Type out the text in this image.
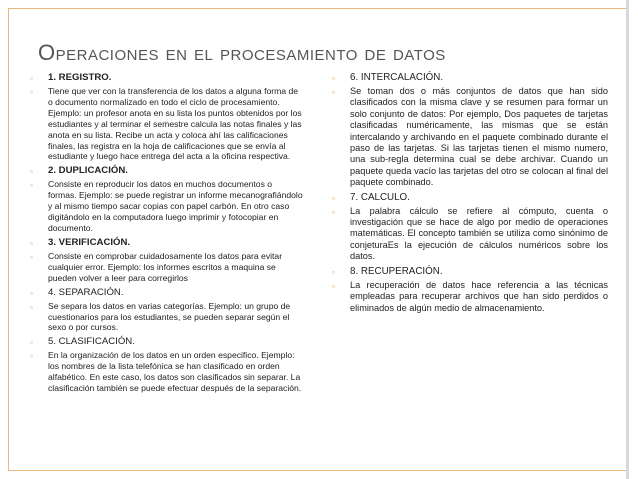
Operaciones en el procesamiento de datos
▫ 1. REGISTRO.
▫ Tiene que ver con la transferencia de los datos a alguna forma de o documento normalizado en todo el ciclo de procesamiento. Ejemplo: un profesor anota en su lista los puntos obtenidos por los estudiantes y al terminar el semestre calcula las notas finales y las anota en su lista. Recibe un acta y coloca ahí las calificaciones finales, las registra en la hoja de calificaciones que se envía al estudiante y luego hace entrega del acta a la oficina respectiva.
▫ 2. DUPLICACIÓN.
▫ Consiste en reproducir los datos en muchos documentos o formas. Ejemplo: se puede registrar un informe mecanografiándolo y al mismo tiempo sacar copias con papel carbón. En otro caso digitándolo en la computadora luego imprimir y fotocopiar en documento.
▫ 3. VERIFICACIÓN.
▫ Consiste en comprobar cuidadosamente los datos para evitar cualquier error. Ejemplo: los informes escritos a maquina se pueden volver a leer para corregirlos
▫ 4. SEPARACIÓN.
▫ Se separa los datos en varias categorías. Ejemplo: un grupo de cuestionarios para los estudiantes, se pueden separar según el sexo o por cursos.
▫ 5. CLASIFICACIÓN.
▫ En la organización de los datos en un orden especifico. Ejemplo: los nombres de la lista telefónica se han clasificado en orden alfabético. En este caso, los datos son clasificados sin separar. La clasificación también se puede efectuar después de la separación.
▫ 6. INTERCALACIÓN.
▫ Se toman dos o más conjuntos de datos que han sido clasificados con la misma clave y se resumen para formar un solo conjunto de datos: Por ejemplo, Dos paquetes de tarjetas clasificadas numéricamente, las mismas que se están intercalando y archivando en el paquete combinado durante el paso de las tarjetas. Si las tarjetas tienen el mismo numero, una sub-regla determina cual se debe archivar. Cuando un paquete queda vacío las tarjetas del otro se colocan al final del paquete combinado.
▫ 7. CALCULO.
▫ La palabra cálculo se refiere al cómputo, cuenta o investigación que se hace de algo por medio de operaciones matemáticas. El concepto también se utiliza como sinónimo de conjeturaEs la ejecución de cálculos numéricos sobre los datos.
▫ 8. RECUPERACIÓN.
▫ La recuperación de datos hace referencia a las técnicas empleadas para recuperar archivos que han sido perdidos o eliminados de algún medio de almacenamiento.
